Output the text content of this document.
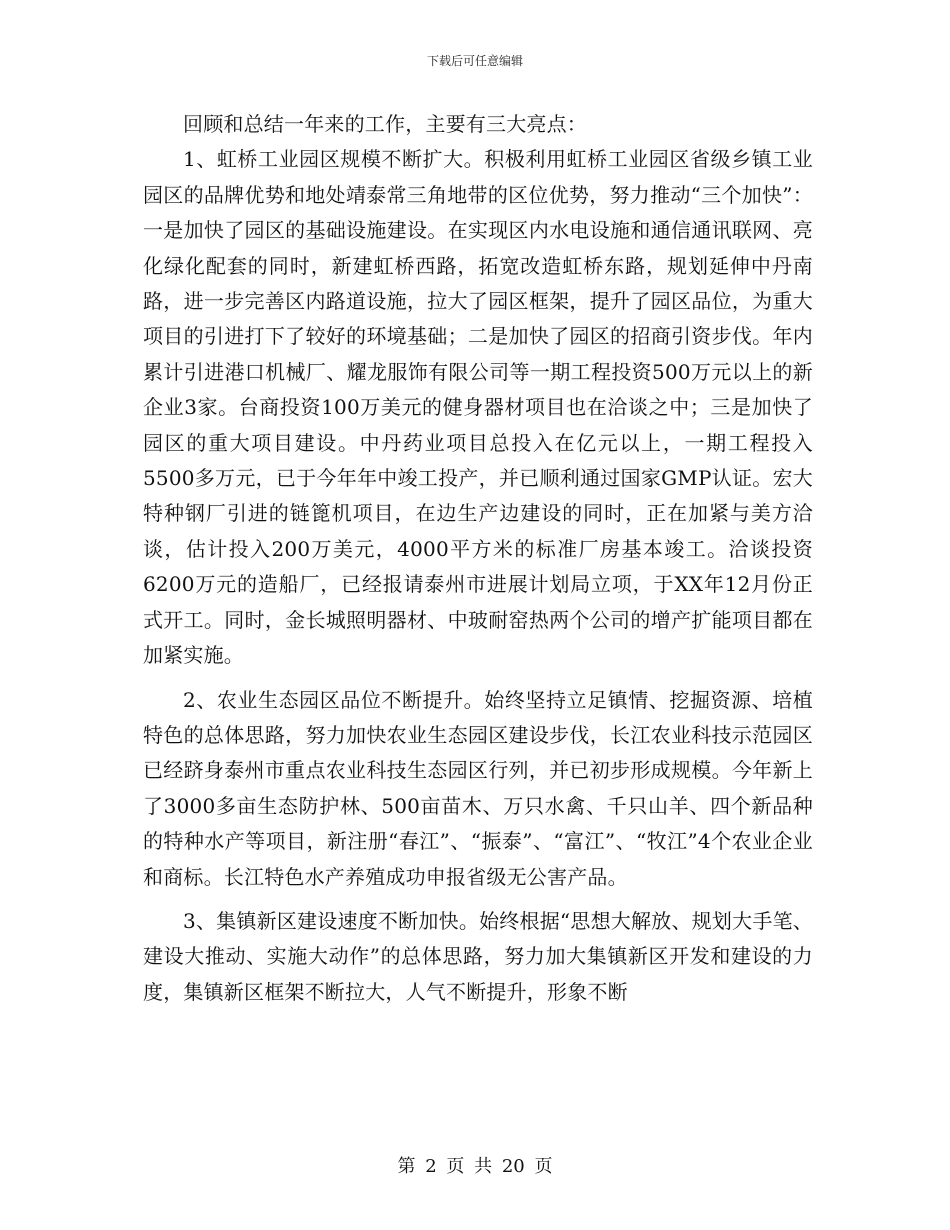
下载后可任意编辑

回顾和总结一年来的工作，主要有三大亮点：

1、虹桥工业园区规模不断扩大。积极利用虹桥工业园区省级乡镇工业园区的品牌优势和地处靖泰常三角地带的区位优势，努力推动“三个加快”：一是加快了园区的基础设施建设。在实现区内水电设施和通信通讯联网、亮化绿化配套的同时，新建虹桥西路，拓宽改造虹桥东路，规划延伸中丹南路，进一步完善区内路道设施，拉大了园区框架，提升了园区品位，为重大项目的引进打下了较好的环境基础；二是加快了园区的招商引资步伐。年内累计引进港口机械厂、耀龙服饰有限公司等一期工程投资500万元以上的新企业3家。台商投资100万美元的健身器材项目也在洽谈之中；三是加快了园区的重大项目建设。中丹药业项目总投入在亿元以上，一期工程投入5500多万元，已于今年年中竣工投产，并已顺利通过国家GMP认证。宏大特种钢厂引进的链篦机项目，在边生产边建设的同时，正在加紧与美方洽谈，估计投入200万美元，4000平方米的标准厂房基本竣工。洽谈投资6200万元的造船厂，已经报请泰州市进展计划局立项，于XX年12月份正式开工。同时，金长城照明器材、中玻耐窑热两个公司的增产扩能项目都在加紧实施。

2、农业生态园区品位不断提升。始终坚持立足镇情、挖掘资源、培植特色的总体思路，努力加快农业生态园区建设步伐，长江农业科技示范园区已经跻身泰州市重点农业科技生态园区行列，并已初步形成规模。今年新上了3000多亩生态防护林、500亩苗木、万只水禽、千只山羊、四个新品种的特种水产等项目，新注册“春江”、“振泰”、“富江”、“牧江”4个农业企业和商标。长江特色水产养殖成功申报省级无公害产品。

3、集镇新区建设速度不断加快。始终根据“思想大解放、规划大手笔、建设大推动、实施大动作”的总体思路，努力加大集镇新区开发和建设的力度，集镇新区框架不断拉大，人气不断提升，形象不断

第 2 页 共 20 页
